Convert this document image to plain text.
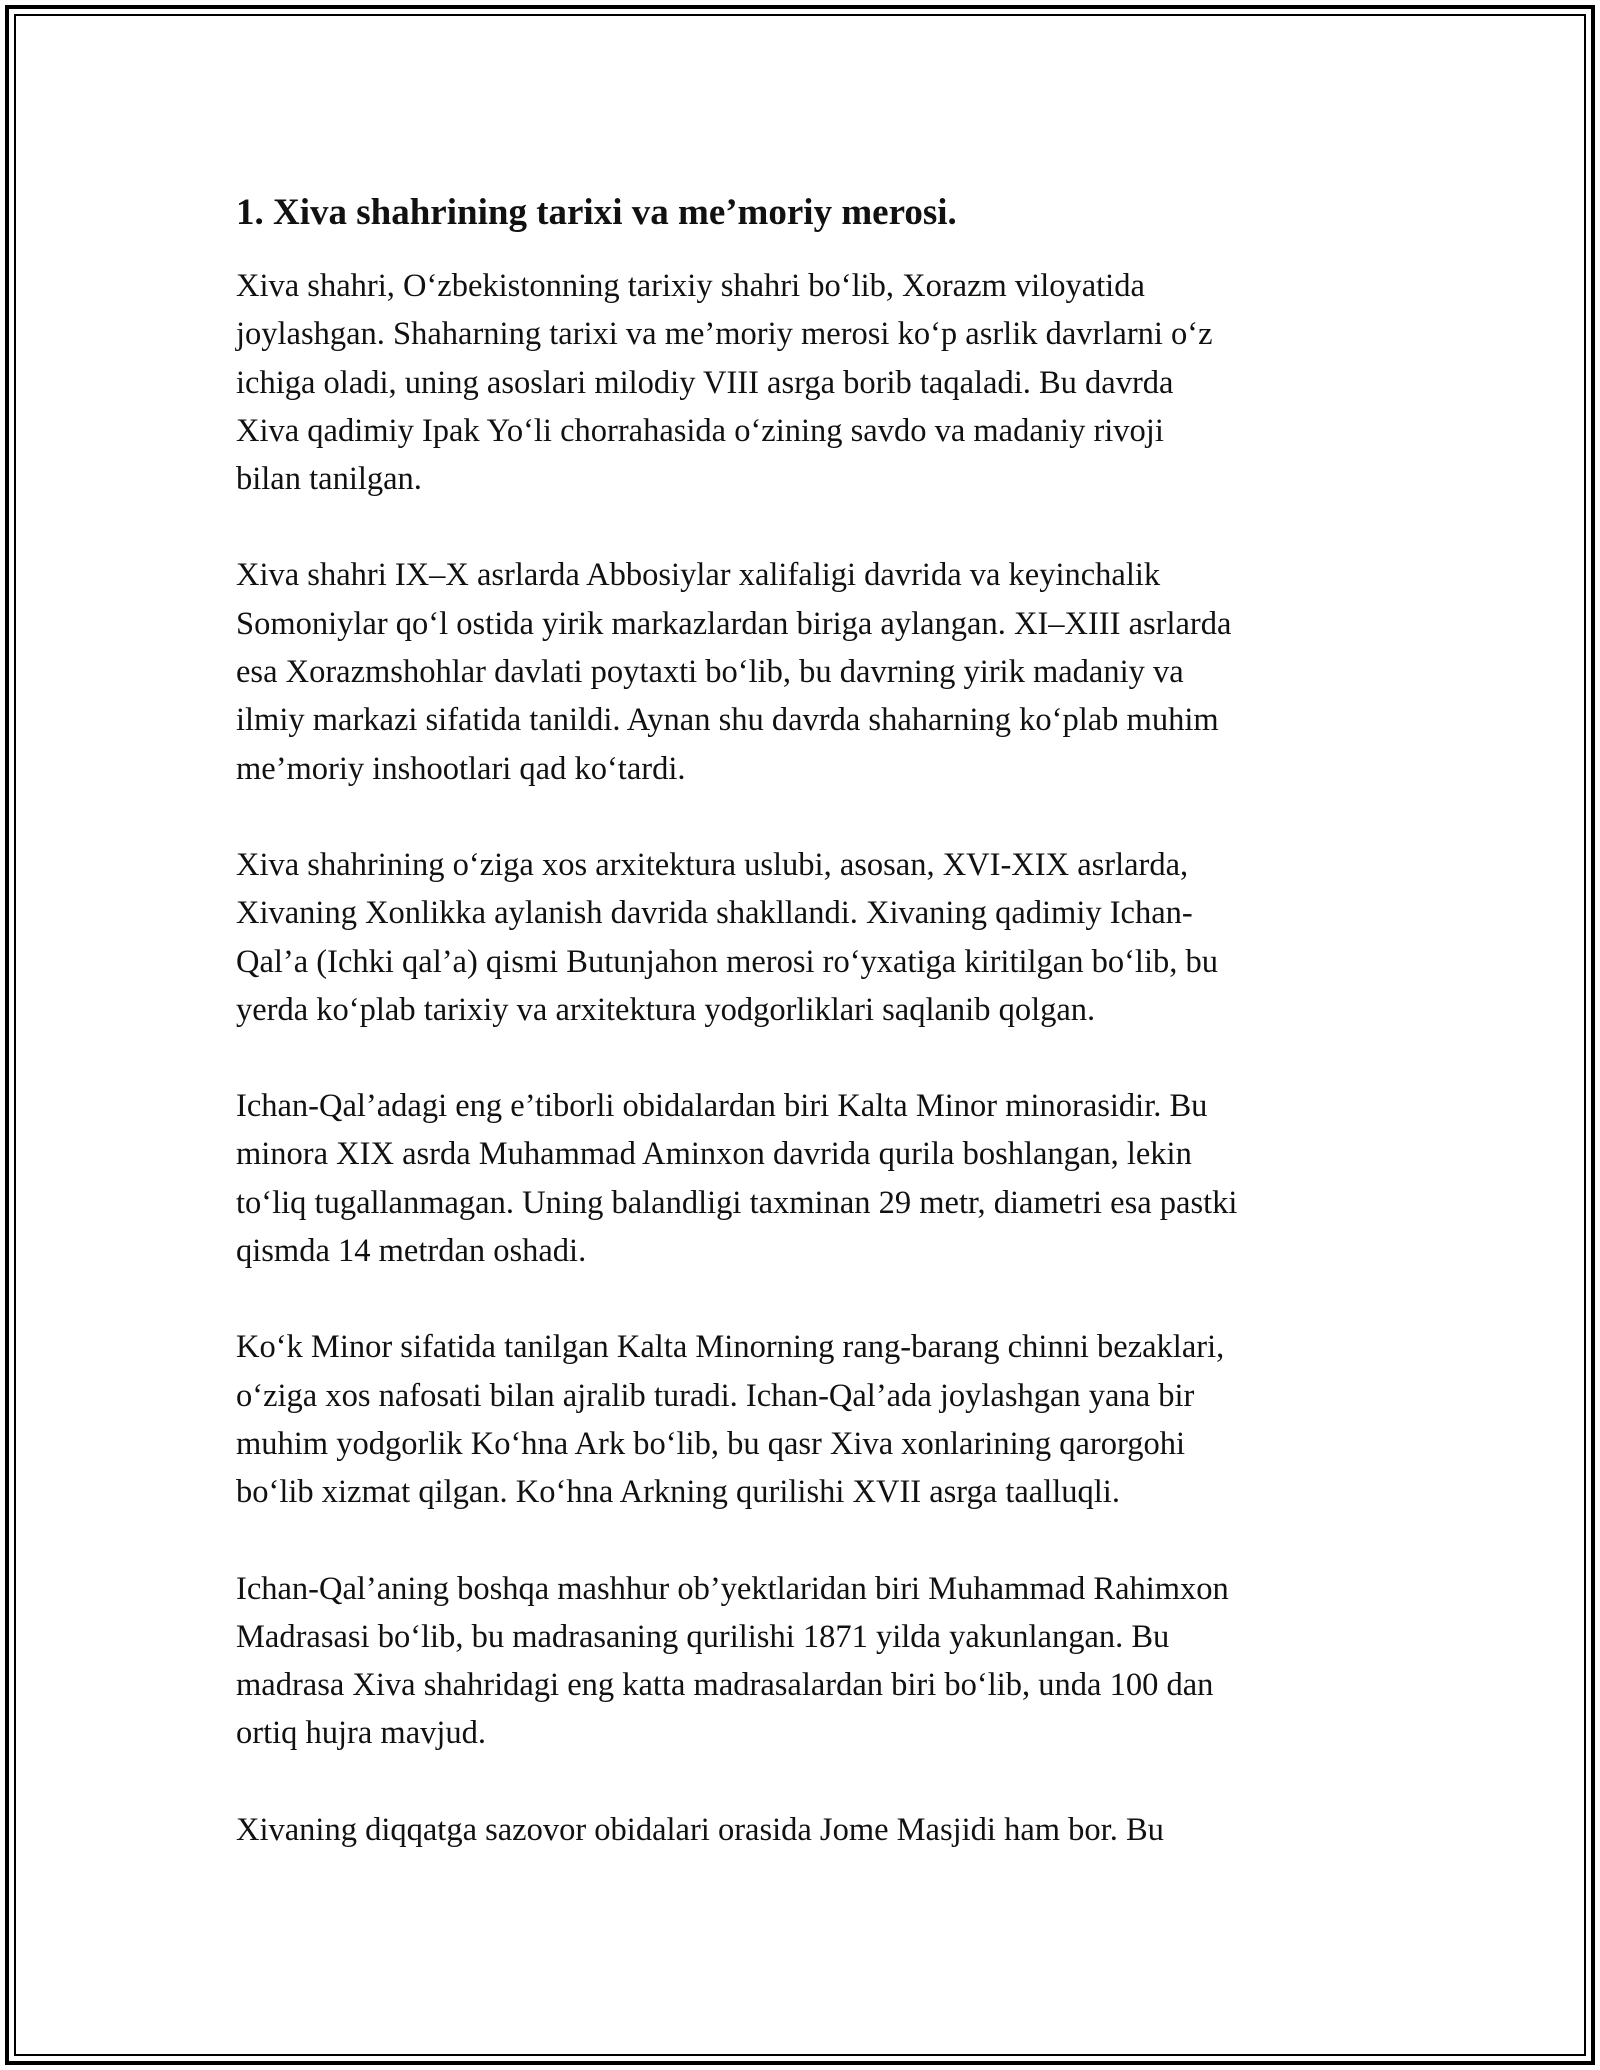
1. Xiva shahrining tarixi va me’moriy merosi.
Xiva shahri, O‘zbekistonning tarixiy shahri bo‘lib, Xorazm viloyatida
joylashgan. Shaharning tarixi va me’moriy merosi ko‘p asrlik davrlarni o‘z
ichiga oladi, uning asoslari milodiy VIII asrga borib taqaladi. Bu davrda
Xiva qadimiy Ipak Yo‘li chorrahasida o‘zining savdo va madaniy rivoji
bilan tanilgan.
Xiva shahri IX–X asrlarda Abbosiylar xalifaligi davrida va keyinchalik
Somoniylar qo‘l ostida yirik markazlardan biriga aylangan. XI–XIII asrlarda
esa Xorazmshohlar davlati poytaxti bo‘lib, bu davrning yirik madaniy va
ilmiy markazi sifatida tanildi. Aynan shu davrda shaharning ko‘plab muhim
me’moriy inshootlari qad ko‘tardi.
Xiva shahrining o‘ziga xos arxitektura uslubi, asosan, XVI-XIX asrlarda,
Xivaning Xonlikka aylanish davrida shakllandi. Xivaning qadimiy Ichan-
Qal’a (Ichki qal’a) qismi Butunjahon merosi ro‘yxatiga kiritilgan bo‘lib, bu
yerda ko‘plab tarixiy va arxitektura yodgorliklari saqlanib qolgan.
Ichan-Qal’adagi eng e’tiborli obidalardan biri Kalta Minor minorasidir. Bu
minora XIX asrda Muhammad Aminxon davrida qurila boshlangan, lekin
to‘liq tugallanmagan. Uning balandligi taxminan 29 metr, diametri esa pastki
qismda 14 metrdan oshadi.
Ko‘k Minor sifatida tanilgan Kalta Minorning rang-barang chinni bezaklari,
o‘ziga xos nafosati bilan ajralib turadi. Ichan-Qal’ada joylashgan yana bir
muhim yodgorlik Ko‘hna Ark bo‘lib, bu qasr Xiva xonlarining qarorgohi
bo‘lib xizmat qilgan. Ko‘hna Arkning qurilishi XVII asrga taalluqli.
Ichan-Qal’aning boshqa mashhur ob’yektlaridan biri Muhammad Rahimxon
Madrasasi bo‘lib, bu madrasaning qurilishi 1871 yilda yakunlangan. Bu
madrasa Xiva shahridagi eng katta madrasalardan biri bo‘lib, unda 100 dan
ortiq hujra mavjud.
Xivaning diqqatga sazovor obidalari orasida Jome Masjidi ham bor. Bu
